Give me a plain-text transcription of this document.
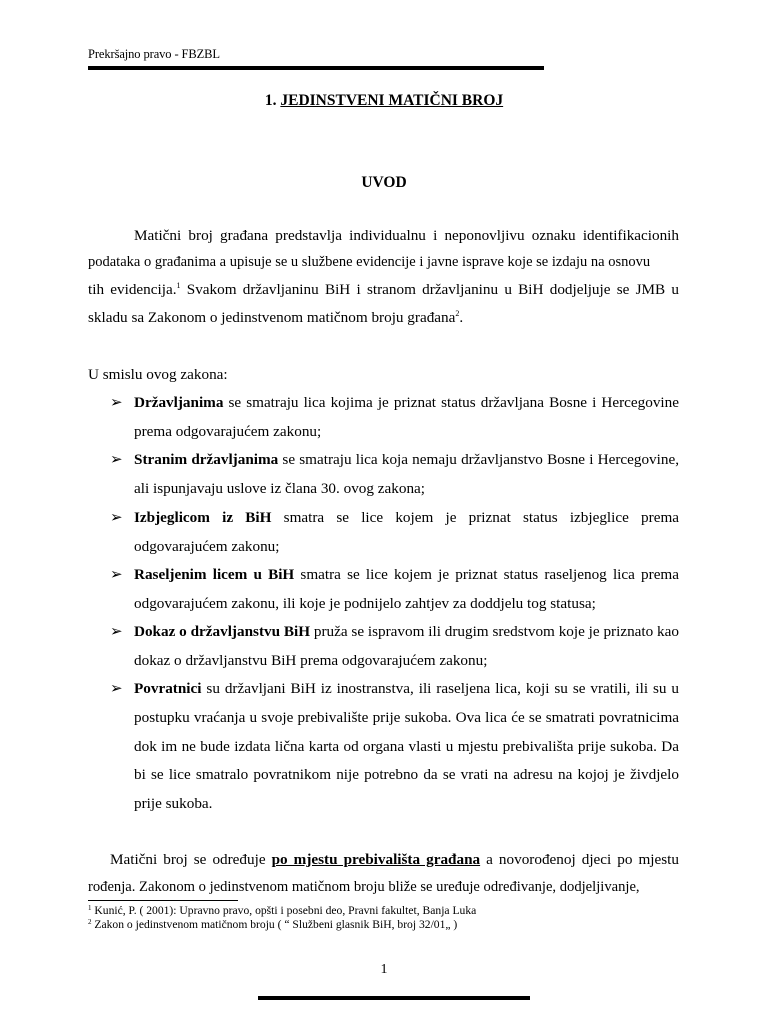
Prekršajno pravo - FBZBL
1. JEDINSTVENI MATIČNI BROJ
UVOD
Matični broj građana predstavlja individualnu i neponovljivu oznaku identifikacionih
podataka o građanima a upisuje se u službene evidencije i javne isprave koje se izdaju na osnovu
tih evidencija.$^1$ Svakom državljaninu BiH i stranom državljaninu u BiH dodjeljuje se JMB u
skladu sa Zakonom o jedinstvenom matičnom broju građana$^2$.
U smislu ovog zakona:
➢ Državljanima se smatraju lica kojima je priznat status državljana Bosne i Hercegovine
prema odgovarajućem zakonu;
➢ Stranim državljanima se smatraju lica koja nemaju državljanstvo Bosne i Hercegovine,
ali ispunjavaju uslove iz člana 30. ovog zakona;
➢ Izbjeglicom iz BiH smatra se lice kojem je priznat status izbjeglice prema
odgovarajućem zakonu;
➢ Raseljenim licem u BiH smatra se lice kojem je priznat status raseljenog lica prema
odgovarajućem zakonu, ili koje je podnijelo zahtjev za doddjelu tog statusa;
➢ Dokaz o državljanstvu BiH pruža se ispravom ili drugim sredstvom koje je priznato kao
dokaz o državljanstvu BiH prema odgovarajućem zakonu;
➢ Povratnici su državljani BiH iz inostranstva, ili raseljena lica, koji su se vratili, ili su u
postupku vraćanja u svoje prebivalište prije sukoba. Ova lica će se smatrati povratnicima
dok im ne bude izdata lična karta od organa vlasti u mjestu prebivališta prije sukoba. Da
bi se lice smatralo povratnikom nije potrebno da se vrati na adresu na kojoj je živdjelo
prije sukoba.
Matični broj se određuje po mjestu prebivališta građana a novorođenoj djeci po mjestu
rođenja. Zakonom o jedinstvenom matičnom broju bliže se uređuje određivanje, dodjeljivanje,
$^1$ Kunić, P. ( 2001): Upravno pravo, opšti i posebni deo, Pravni fakultet, Banja Luka
$^2$ Zakon o jedinstvenom matičnom broju ( “ Službeni glasnik BiH, broj 32/01„ )
1
